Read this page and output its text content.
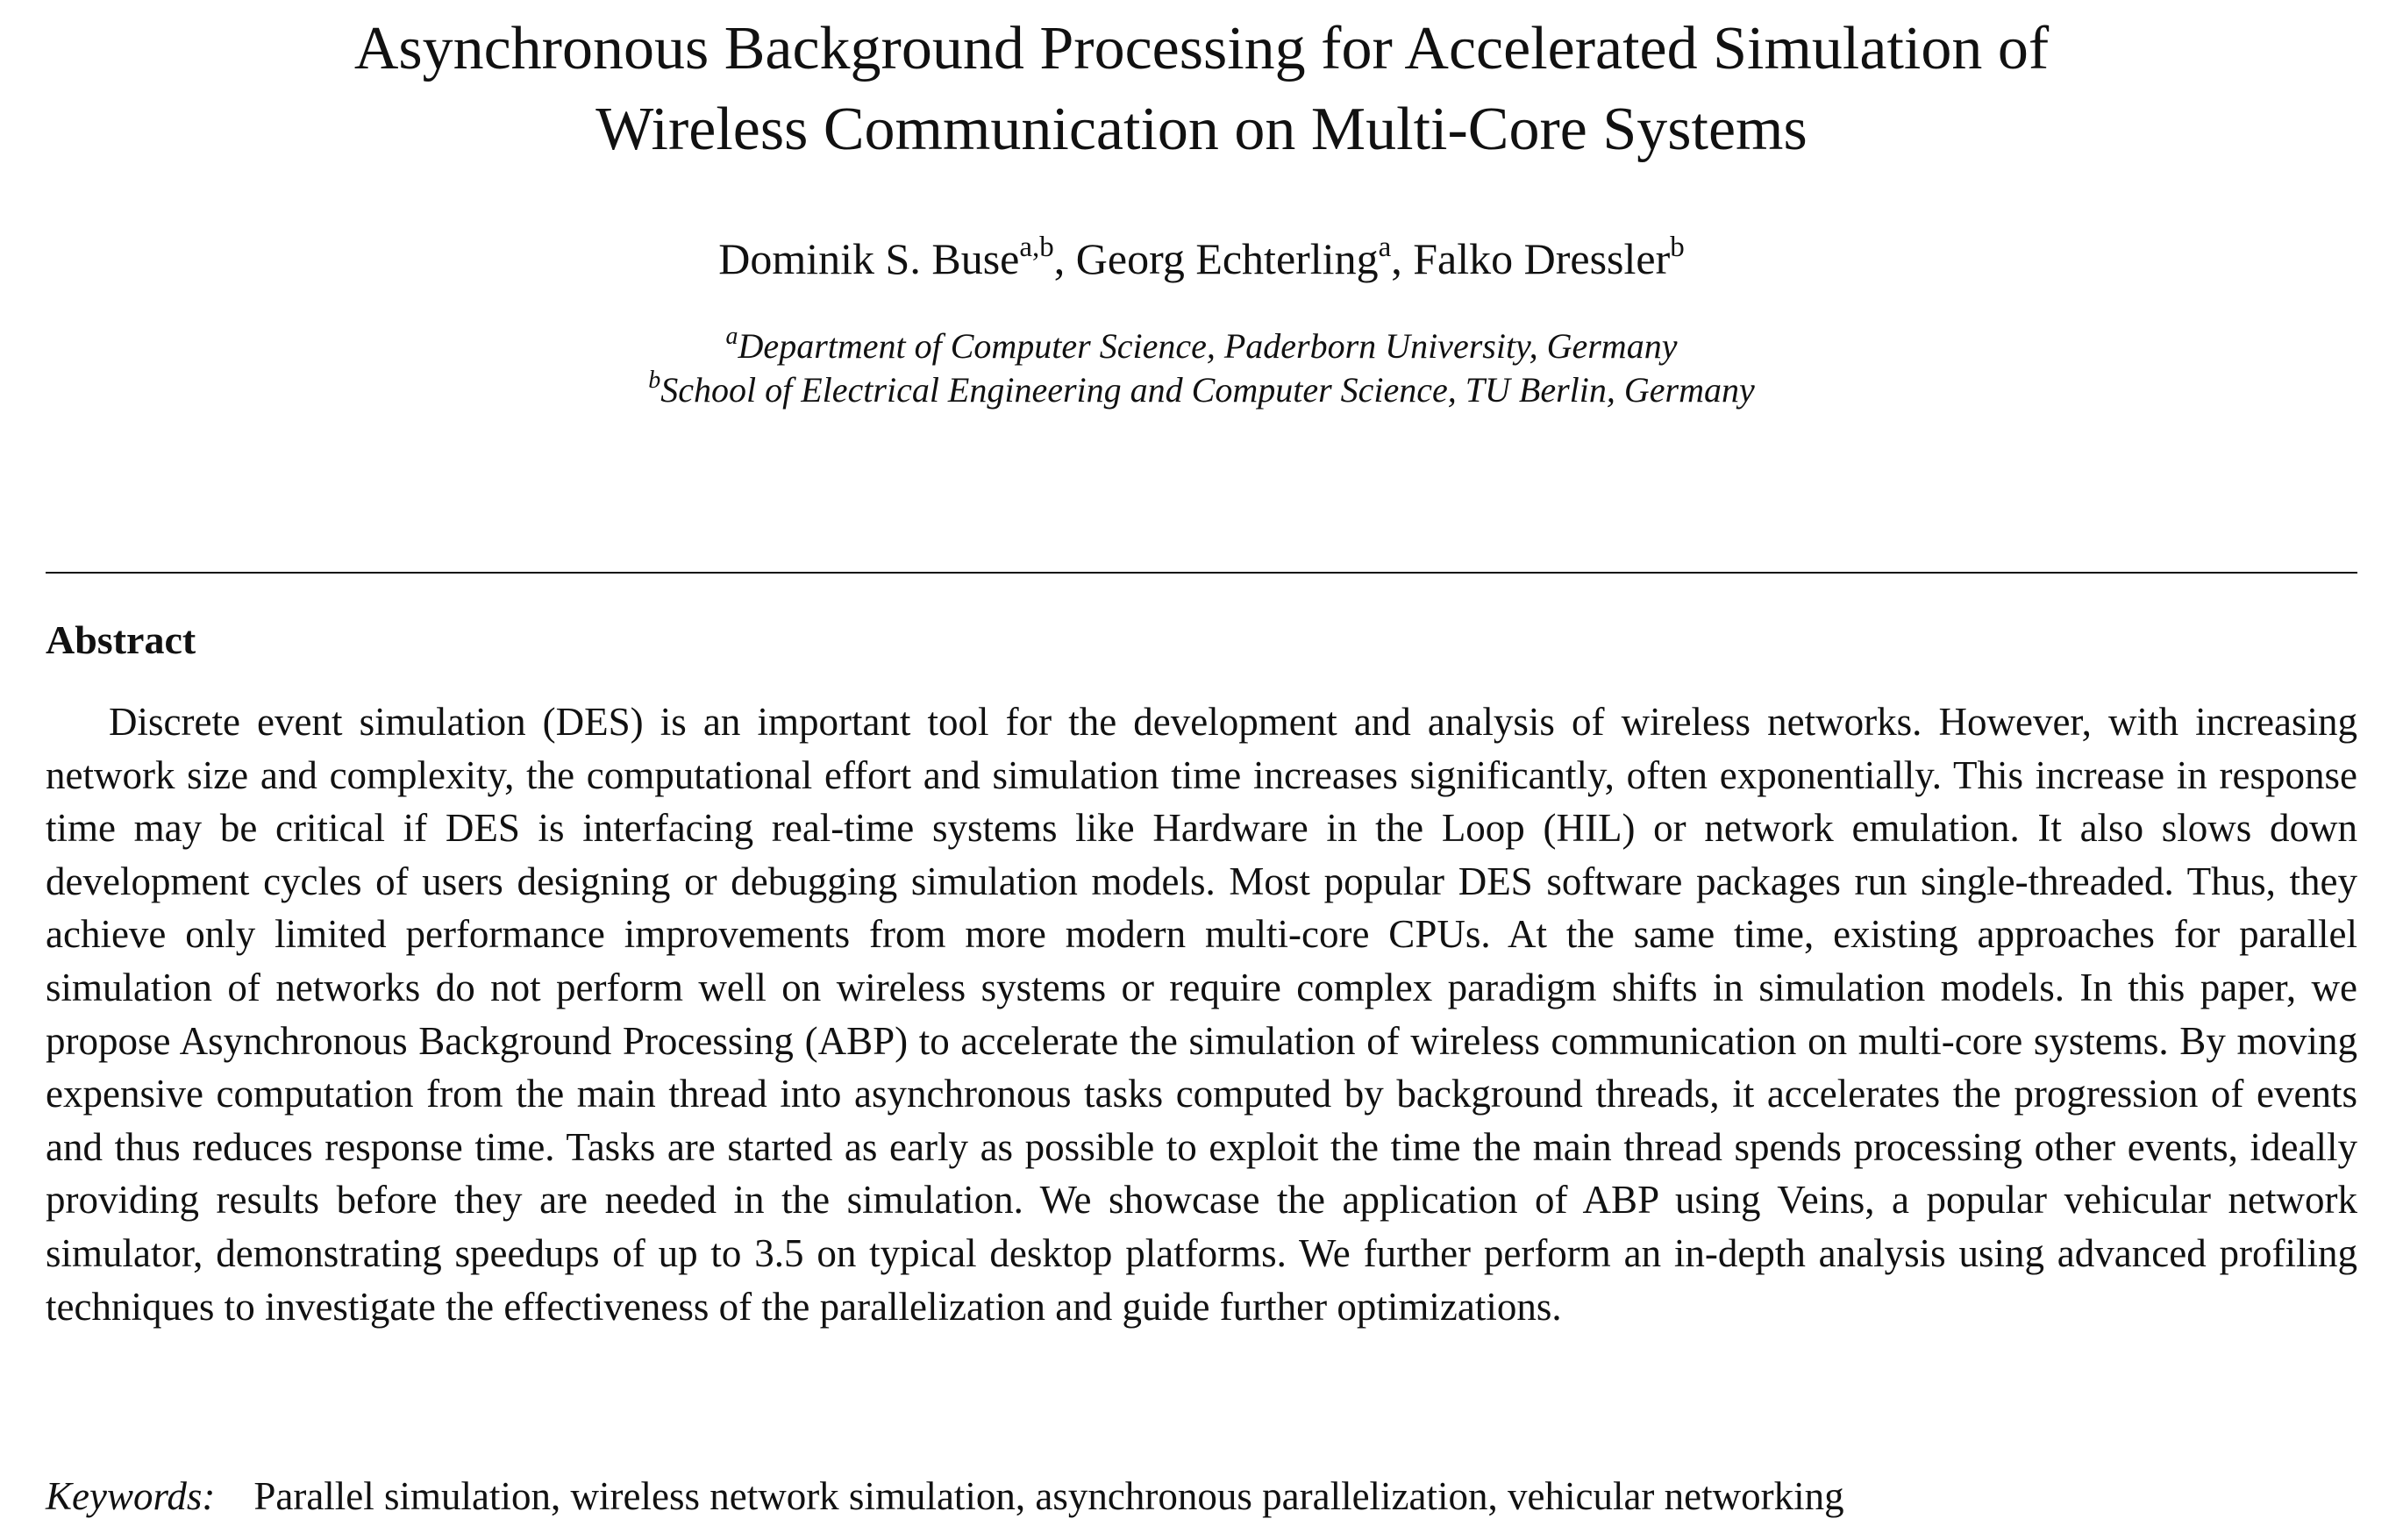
Asynchronous Background Processing for Accelerated Simulation of
Wireless Communication on Multi-Core Systems
Dominik S. Buse$^{a,b}$, Georg Echterling$^a$, Falko Dressler$^b$
$^a$Department of Computer Science, Paderborn University, Germany
$^b$School of Electrical Engineering and Computer Science, TU Berlin, Germany
Abstract

Discrete event simulation (DES) is an important tool for the development and analysis of wireless networks. However, with increasing network size and complexity, the computational effort and simulation time increases significantly, often exponentially. This increase in response time may be critical if DES is interfacing real-time systems like Hardware in the Loop (HIL) or network emulation. It also slows down development cycles of users designing or debugging simulation models. Most popular DES software packages run single-threaded. Thus, they achieve only limited performance improvements from more modern multi-core CPUs. At the same time, existing approaches for parallel simulation of networks do not perform well on wireless systems or require complex paradigm shifts in simulation models. In this paper, we propose Asynchronous Background Processing (ABP) to accelerate the simulation of wireless communication on multi-core systems. By moving expensive computation from the main thread into asynchronous tasks computed by background threads, it accelerates the progression of events and thus reduces response time. Tasks are started as early as possible to exploit the time the main thread spends processing other events, ideally providing results before they are needed in the simulation. We showcase the application of ABP using Veins, a popular vehicular network simulator, demonstrating speedups of up to 3.5 on typical desktop platforms. We further perform an in-depth analysis using advanced profiling techniques to investigate the effectiveness of the parallelization and guide further optimizations.

Keywords: Parallel simulation, wireless network simulation, asynchronous parallelization, vehicular networking
